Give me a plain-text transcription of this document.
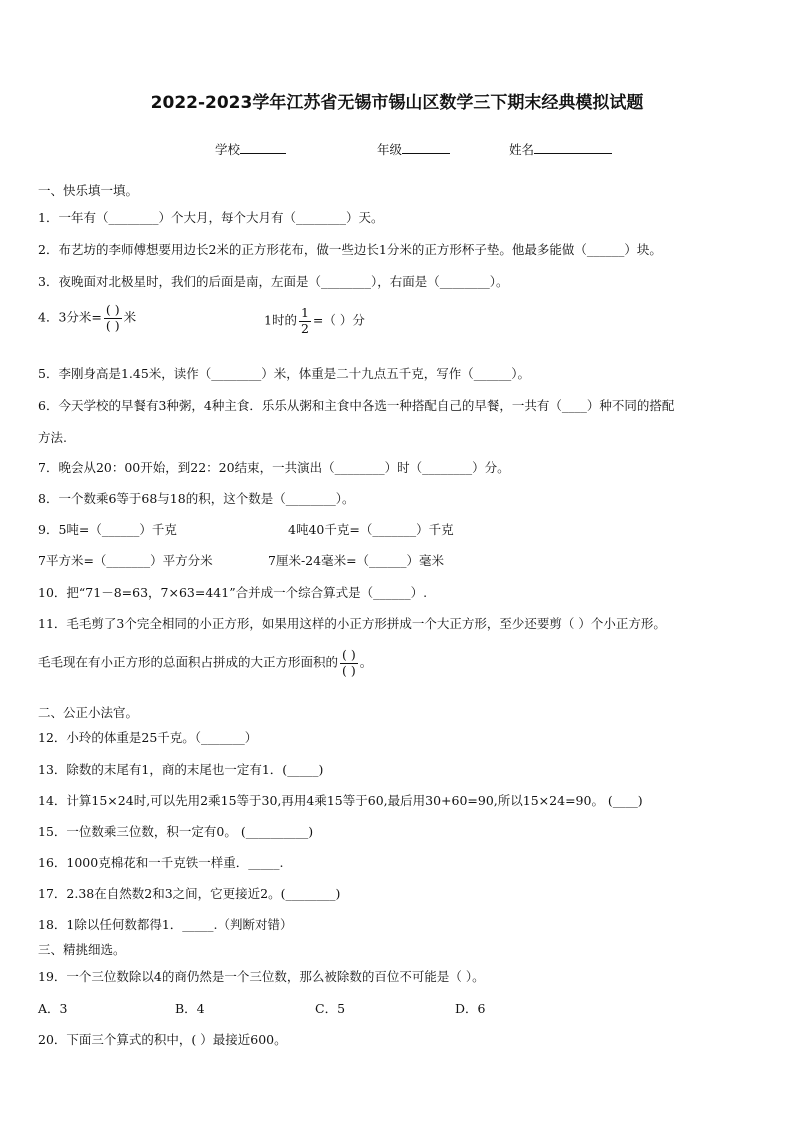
2022-2023学年江苏省无锡市锡山区数学三下期末经典模拟试题
学校	年级	姓名
一、快乐填一填。
1．一年有（________）个大月，每个大月有（________）天。
2．布艺坊的李师傅想要用边长2米的正方形花布，做一些边长1分米的正方形杯子垫。他最多能做（______）块。
3．夜晚面对北极星时，我们的后面是南，左面是（________），右面是（________）。
4．3分米= $\frac{( )}{( )}$ 米	1时的 $\frac{1}{2}$ =（ ）分
5．李刚身高是1.45米，读作（________）米，体重是二十九点五千克，写作（______）。
6．今天学校的早餐有3种粥，4种主食．乐乐从粥和主食中各选一种搭配自己的早餐，一共有（____）种不同的搭配
方法.
7．晚会从20：00开始，到22：20结束，一共演出（________）时（________）分。
8．一个数乘6等于68与18的积，这个数是（________）。
9．5吨=（______）千克	4吨40千克=（_______）千克
7平方米=（_______）平方分米	7厘米-24毫米=（______）毫米
10．把“71－8=63，7×63=441”合并成一个综合算式是（______）.
11．毛毛剪了3个完全相同的小正方形，如果用这样的小正方形拼成一个大正方形，至少还要剪（ ）个小正方形。
毛毛现在有小正方形的总面积占拼成的大正方形面积的 $\frac{( )}{( )}$ 。
二、公正小法官。
12．小玲的体重是25千克。（_______）
13．除数的末尾有1，商的末尾也一定有1．(_____)
14．计算15×24时,可以先用2乘15等于30,再用4乘15等于60,最后用30+60=90,所以15×24=90。 (____)
15．一位数乘三位数，积一定有0。 (__________)
16．1000克棉花和一千克铁一样重．_____.
17．2.38在自然数2和3之间，它更接近2。(________)
18．1除以任何数都得1．_____.（判断对错）
三、精挑细选。
19．一个三位数除以4的商仍然是一个三位数，那么被除数的百位不可能是（ ）。
A．3	B．4	C．5	D．6
20．下面三个算式的积中，( ）最接近600。
